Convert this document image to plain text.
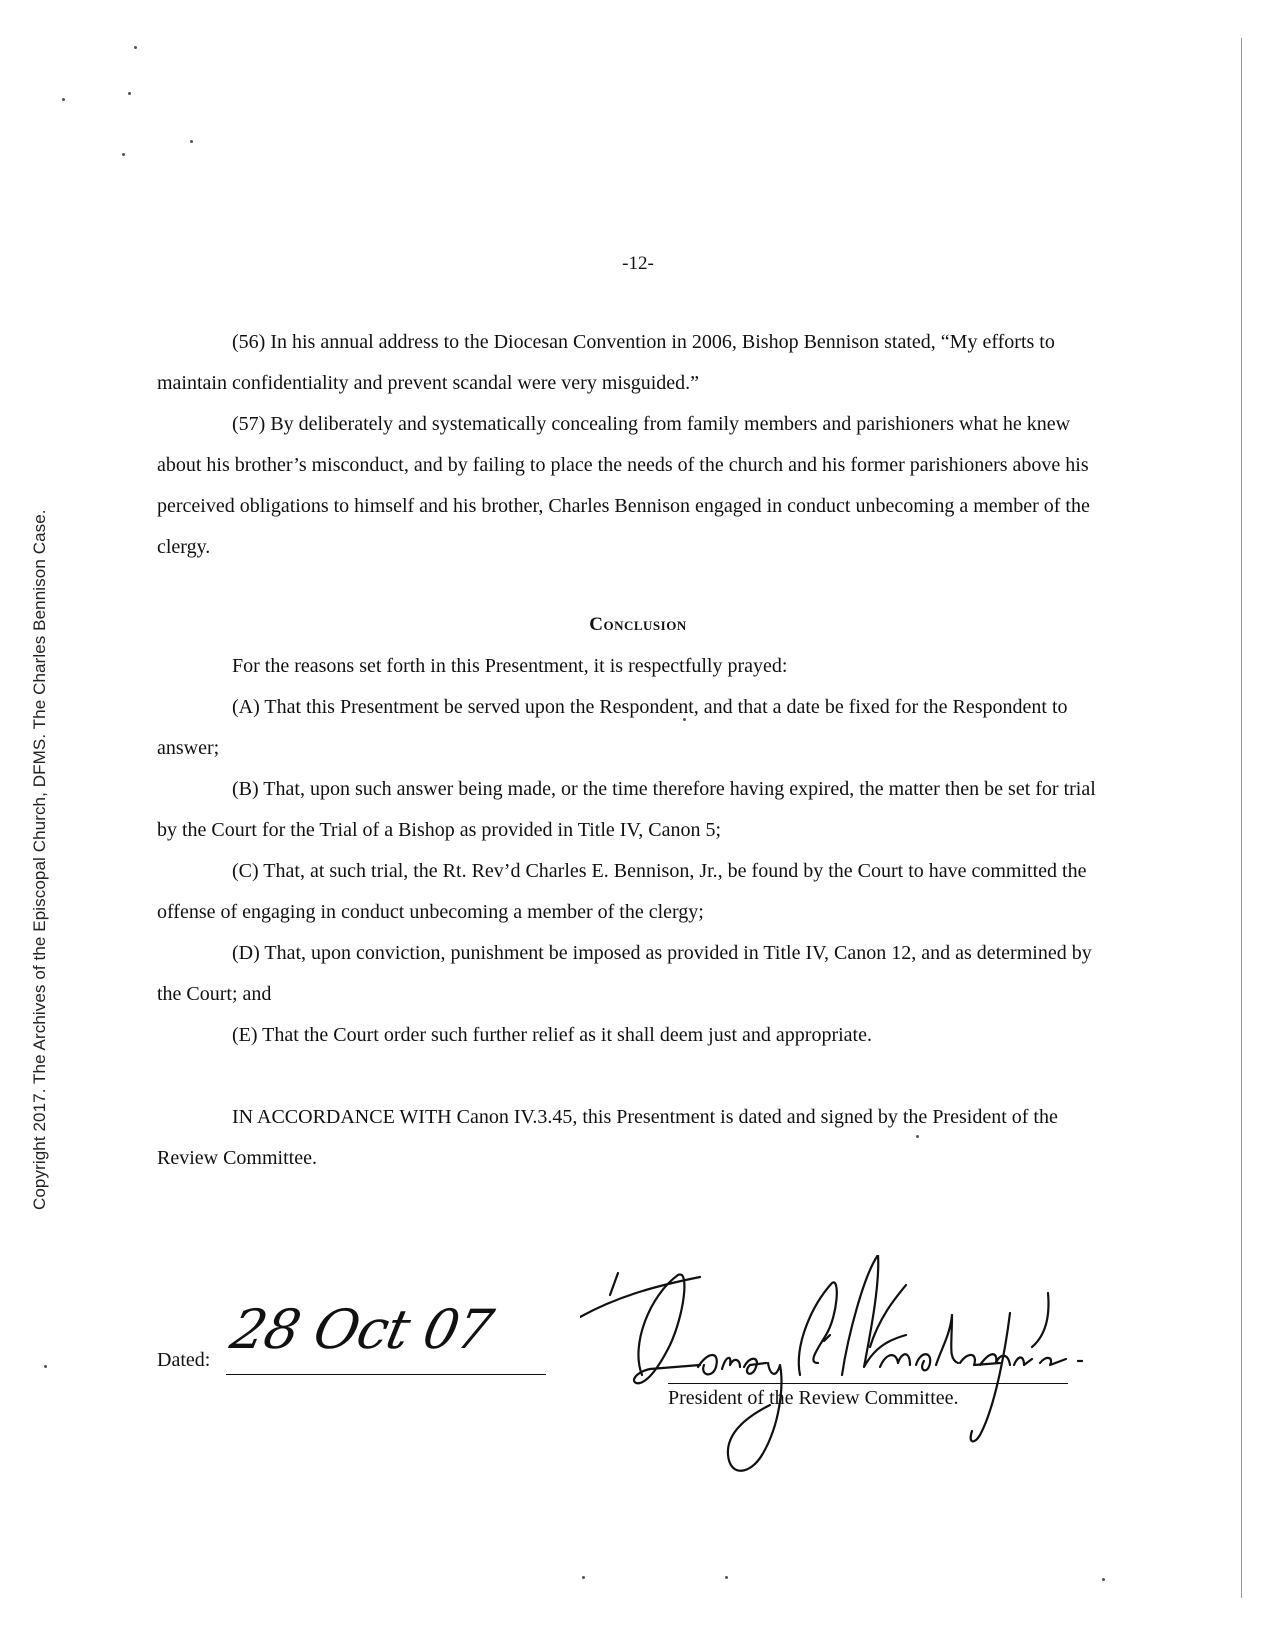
Copyright 2017. The Archives of the Episcopal Church, DFMS. The Charles Bennison Case.
-12-

(56) In his annual address to the Diocesan Convention in 2006, Bishop Bennison stated, “My efforts to maintain confidentiality and prevent scandal were very misguided.”

(57) By deliberately and systematically concealing from family members and parishioners what he knew about his brother’s misconduct, and by failing to place the needs of the church and his former parishioners above his perceived obligations to himself and his brother, Charles Bennison engaged in conduct unbecoming a member of the clergy.

Conclusion

For the reasons set forth in this Presentment, it is respectfully prayed:

(A) That this Presentment be served upon the Respondent, and that a date be fixed for the Respondent to answer;

(B) That, upon such answer being made, or the time therefore having expired, the matter then be set for trial by the Court for the Trial of a Bishop as provided in Title IV, Canon 5;

(C) That, at such trial, the Rt. Rev’d Charles E. Bennison, Jr., be found by the Court to have committed the offense of engaging in conduct unbecoming a member of the clergy;

(D) That, upon conviction, punishment be imposed as provided in Title IV, Canon 12, and as determined by the Court; and

(E) That the Court order such further relief as it shall deem just and appropriate.

IN ACCORDANCE WITH Canon IV.3.45, this Presentment is dated and signed by the President of the Review Committee.

Dated: 28 Oct 07
President of the Review Committee.
